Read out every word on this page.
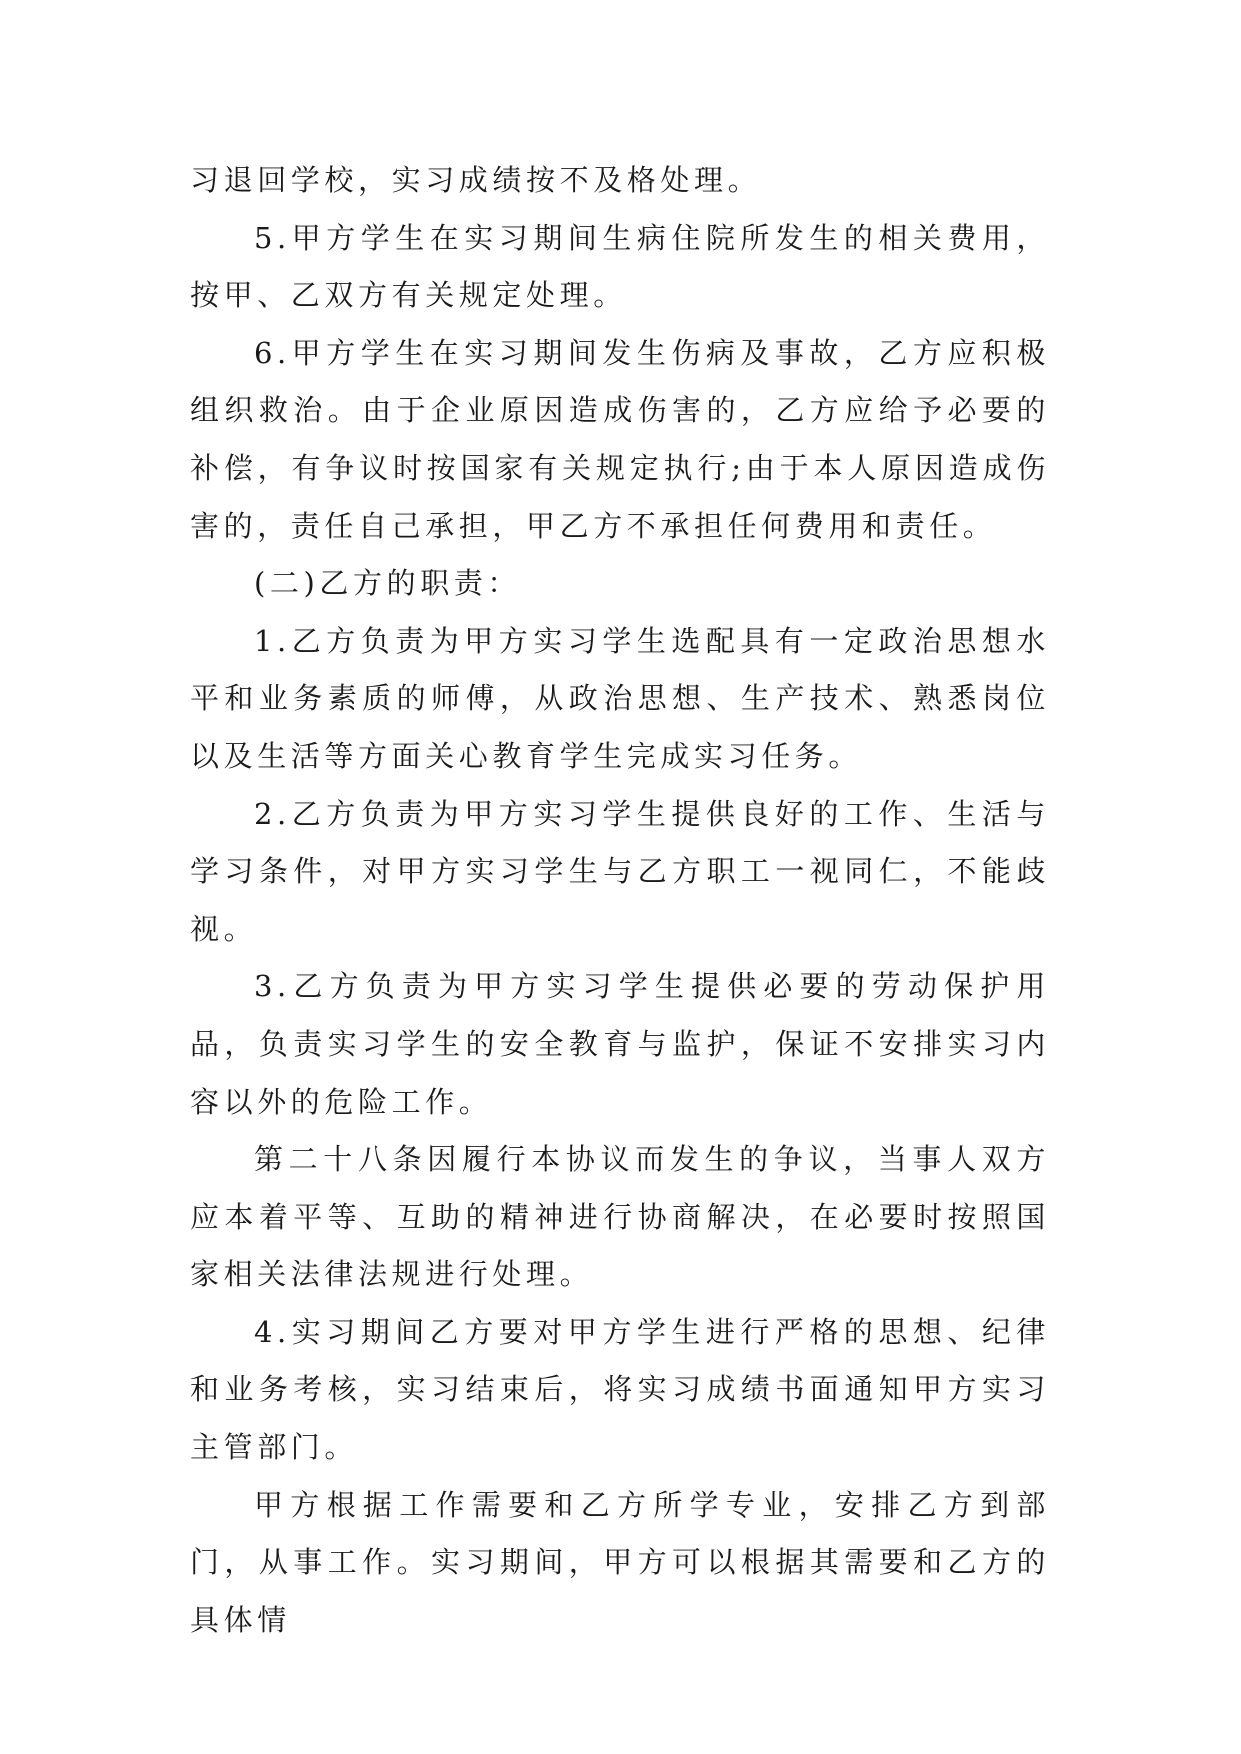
习退回学校，实习成绩按不及格处理。

5.甲方学生在实习期间生病住院所发生的相关费用，按甲、乙双方有关规定处理。

6.甲方学生在实习期间发生伤病及事故，乙方应积极组织救治。由于企业原因造成伤害的，乙方应给予必要的补偿，有争议时按国家有关规定执行;由于本人原因造成伤害的，责任自己承担，甲乙方不承担任何费用和责任。

(二)乙方的职责：

1.乙方负责为甲方实习学生选配具有一定政治思想水平和业务素质的师傅，从政治思想、生产技术、熟悉岗位以及生活等方面关心教育学生完成实习任务。

2.乙方负责为甲方实习学生提供良好的工作、生活与学习条件，对甲方实习学生与乙方职工一视同仁，不能歧视。

3.乙方负责为甲方实习学生提供必要的劳动保护用品，负责实习学生的安全教育与监护，保证不安排实习内容以外的危险工作。

第二十八条因履行本协议而发生的争议，当事人双方应本着平等、互助的精神进行协商解决，在必要时按照国家相关法律法规进行处理。

4.实习期间乙方要对甲方学生进行严格的思想、纪律和业务考核，实习结束后，将实习成绩书面通知甲方实习主管部门。

甲方根据工作需要和乙方所学专业，安排乙方到部门，从事工作。实习期间，甲方可以根据其需要和乙方的具体情
